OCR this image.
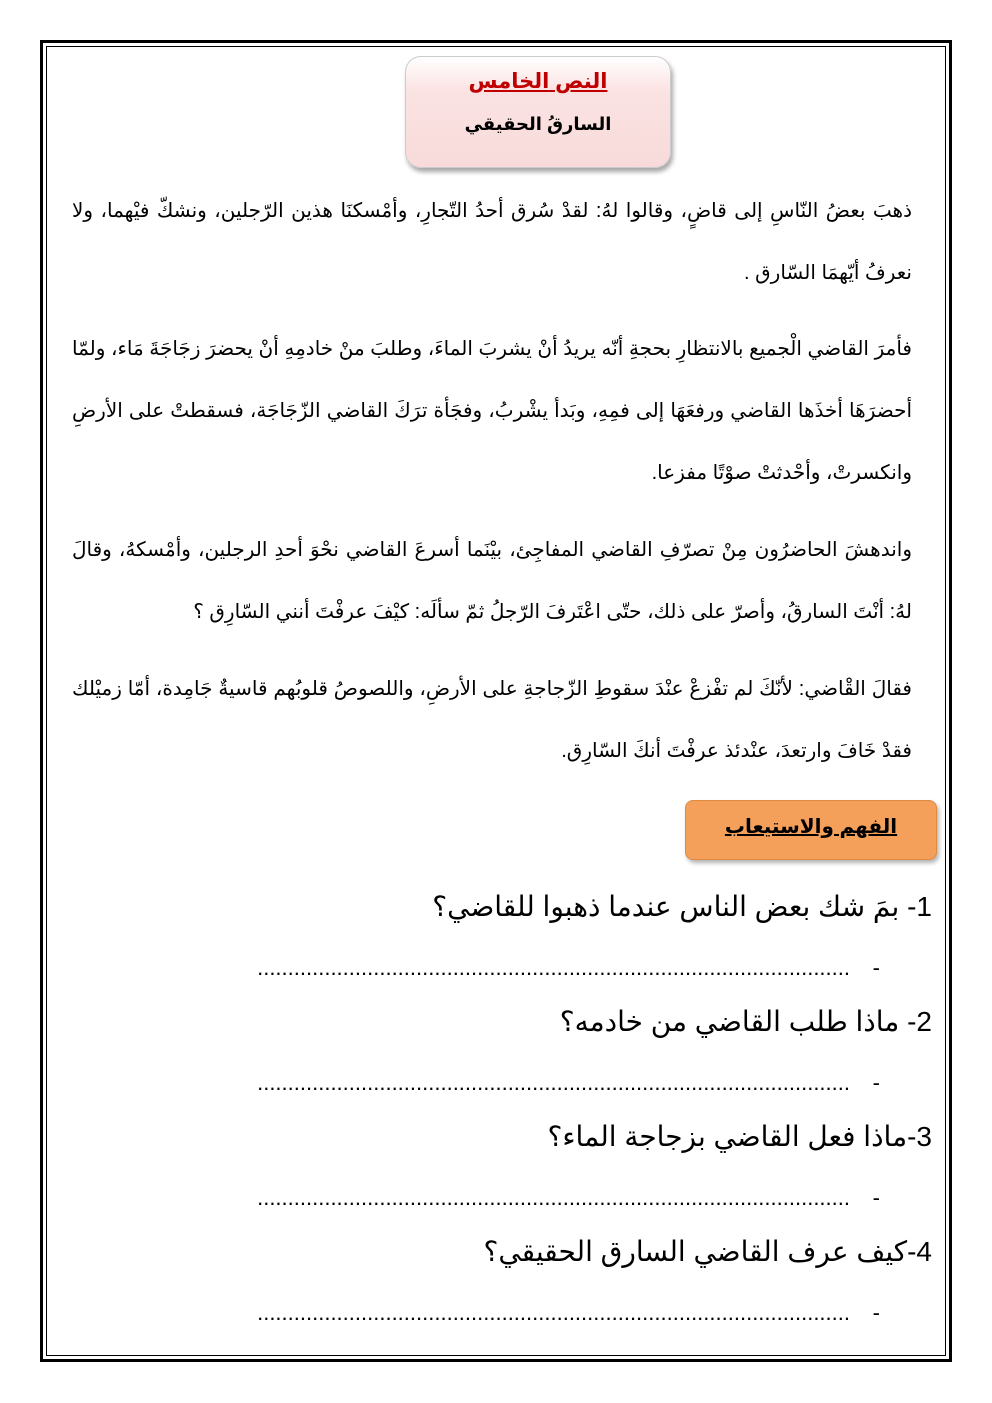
النص الخامس
السارقُ الحقيقي
ذهبَ بعضُ النّاسِ إلى قاضٍ، وقالوا لهُ: لقدْ سُرق أحدُ التّجارِ، وأمْسكنَا هذين الرّجلين، ونشكّ فيْهما، ولا نعرفُ أيّهمَا السّارق .
فأمرَ القاضي الْجميع بالانتظارِ بحجةِ أنّه يريدُ أنْ يشربَ الماءَ، وطلبَ منْ خادمِهِ أنْ يحضرَ زجَاجَةَ مَاء، ولمّا أحضرَهَا أخذَها القاضي ورفعَهَا إلى فمِهِ، وبَدأ يشْربُ، وفجَأة ترَكَ القاضي الزّجَاجَة، فسقطتْ على الأرضِ وانكسرتْ، وأحْدثتْ صوْتًا مفزعا.
واندهشَ الحاضرُون مِنْ تصرّفِ القاضي المفاجِئ، بيْنَما أسرعَ القاضي نحْوَ أحدِ الرجلين، وأمْسكهُ، وقالَ لهُ: أنْتَ السارقُ، وأصرّ على ذلك، حتّى اعْتَرفَ الرّجلُ ثمّ سألَه: كيْفَ عرفْتَ أنني السّارِق ؟
فقالَ القْاضي: لأنّكَ لم تفْزعْ عنْدَ سقوطِ الزّجاجةِ على الأرضِ، واللصوصُ قلوبُهم قاسيةٌ جَامِدة، أمّا زميْلك فقدْ خَافَ وارتعدَ، عنْدئذ عرفْتَ أنكَ السّارِق.
الفهم والاستيعاب
1- بمَ شك بعض الناس عندما ذهبوا للقاضي؟
-.................................................................................................
2- ماذا طلب القاضي من خادمه؟
-.................................................................................................
3-ماذا فعل القاضي بزجاجة الماء؟
-.................................................................................................
4-كيف عرف القاضي السارق الحقيقي؟
-.................................................................................................
